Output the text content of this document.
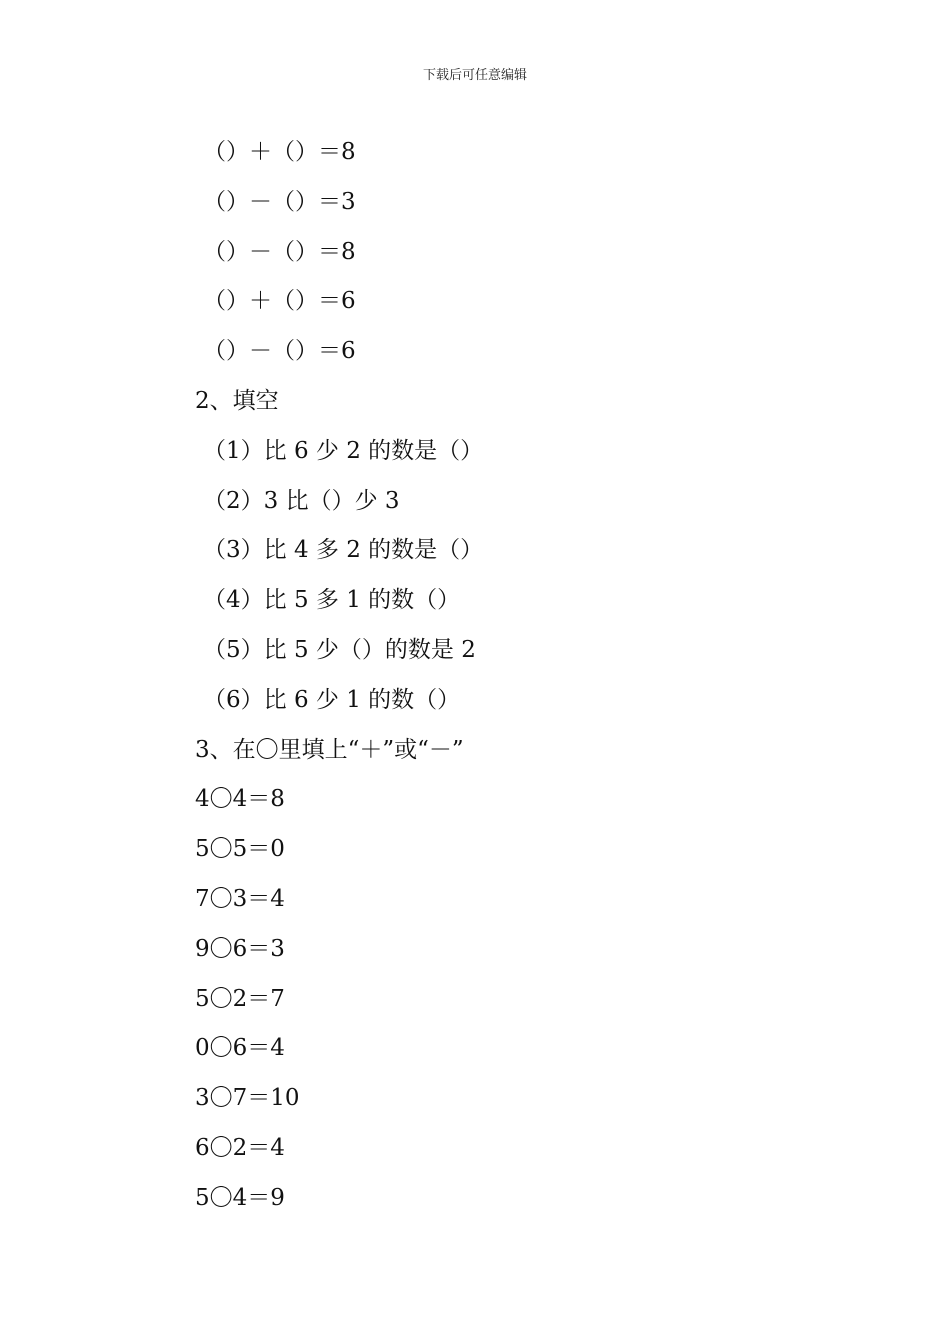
下载后可任意编辑
（）＋（）＝8
（）－（）＝3
（）－（）＝8
（）＋（）＝6
（）－（）＝6
2、填空
（1）比 6 少 2 的数是（）
（2）3 比（）少 3
（3）比 4 多 2 的数是（）
（4）比 5 多 1 的数（）
（5）比 5 少（）的数是 2
（6）比 6 少 1 的数（）
3、在〇里填上“＋”或“－”
4〇4＝8
5〇5＝0
7〇3＝4
9〇6＝3
5〇2＝7
0〇6＝4
3〇7＝10
6〇2＝4
5〇4＝9
